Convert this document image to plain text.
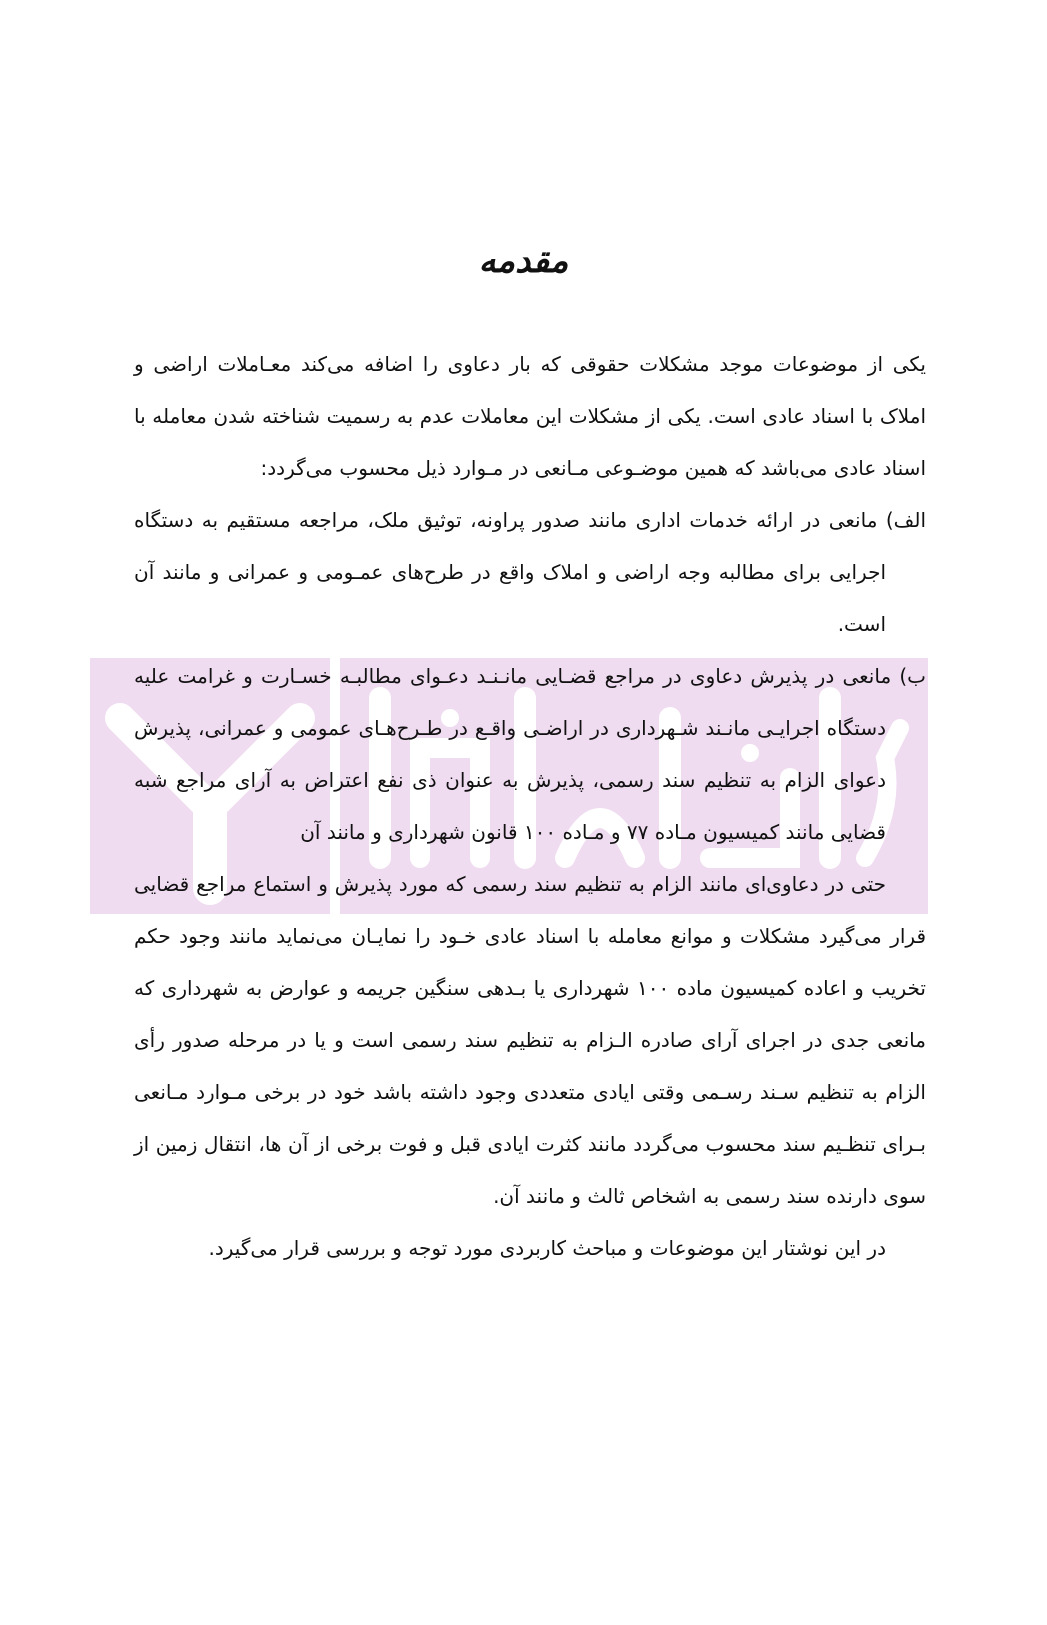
مقدمه

یکی از موضوعات موجد مشکلات حقوقی که بار دعاوی را اضافه می‌کند معـاملات اراضی و املاک با اسناد عادی است. یکی از مشکلات این معاملات عدم به رسمیت شناخته شدن معامله با اسناد عادی می‌باشد که همین موضـوعی مـانعی در مـوارد ذیل محسوب می‌گردد:

الف) مانعی در ارائه خدمات اداری مانند صدور پراونه، توثیق ملک، مراجعه مستقیم به دستگاه اجرایی برای مطالبه وجه اراضی و املاک واقع در طرح‌های عمـومی و عمرانی و مانند آن است.

ب) مانعی در پذیرش دعاوی در مراجع قضـایی مانـنـد دعـوای مطالبـه خسـارت و غرامت علیه دستگاه اجرایـی مانـند شـهرداری در اراضـی واقـع در طـرح‌هـای عمومی و عمرانی، پذیرش دعوای الزام به تنظیم سند رسمی، پذیرش به عنوان ذی نفع اعتراض به آرای مراجع شبه قضایی مانند کمیسیون مـاده ۷۷ و مـاده ۱۰۰ قانون شهرداری و مانند آن

حتی در دعاوی‌ای مانند الزام به تنظیم سند رسمی که مورد پذیرش و استماع مراجع قضایی قرار می‌گیرد مشکلات و موانع معامله با اسناد عادی خـود را نمایـان می‌نماید مانند وجود حکم تخریب و اعاده کمیسیون ماده ۱۰۰ شهرداری یا بـدهی سنگین جریمه و عوارض به شهرداری که مانعی جدی در اجرای آرای صادره الـزام به تنظیم سند رسمی است و یا در مرحله صدور رأی الزام به تنظیم سـند رسـمی وقتی ایادی متعددی وجود داشته باشد خود در برخی مـوارد مـانعی بـرای تنظـیم سند محسوب می‌گردد مانند کثرت ایادی قبل و فوت برخی از آن ها، انتقال زمین از سوی دارنده سند رسمی به اشخاص ثالث و مانند آن.

در این نوشتار این موضوعات و مباحث کاربردی مورد توجه و بررسی قرار می‌گیرد.
